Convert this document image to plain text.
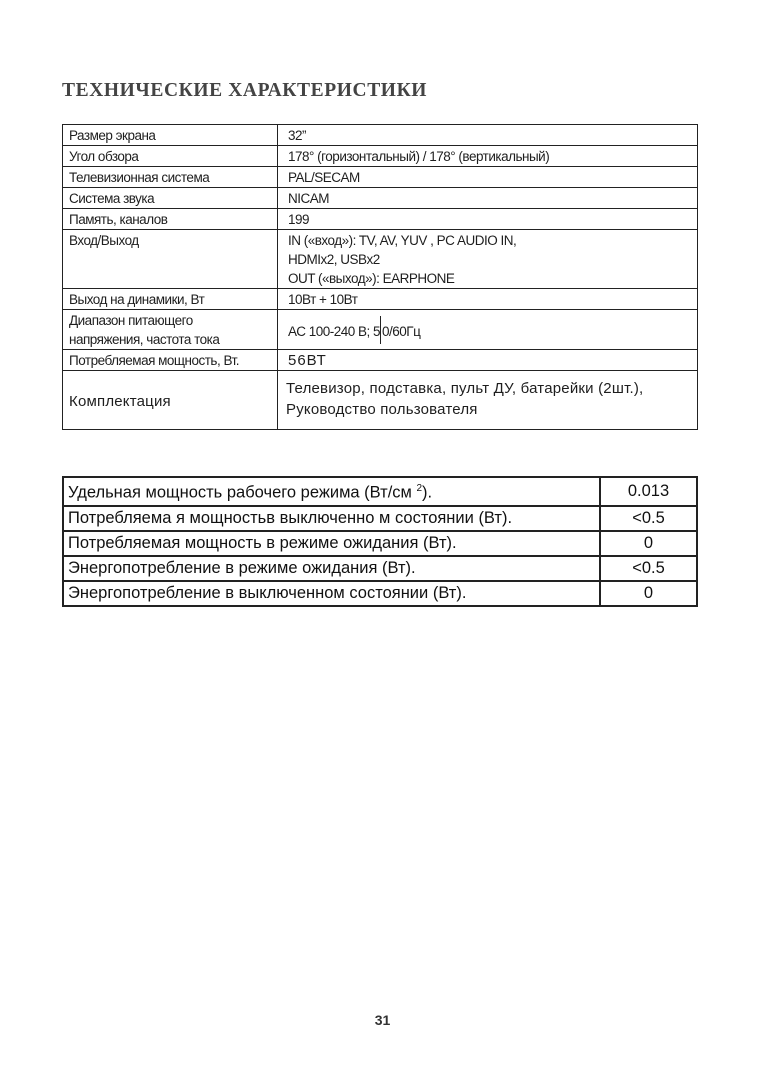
ТЕХНИЧЕСКИЕ ХАРАКТЕРИСТИКИ
Размер экрана	32”
Угол обзора	178° (горизонтальный) / 178° (вертикальный)
Телевизионная система	PAL/SECAM
Система звука	NICAM
Память, каналов	199
Вход/Выход	IN («вход»): TV, AV, YUV , PC AUDIO IN,
HDMIx2, USBx2
OUT («выход»): EARPHONE

Выход на динамики, Вт	10Вт + 10Вт

Диапазон питающего
напряжения, частота тока	АС 100-240 В; 5 0/60Гц
Потребляемая мощность, Вт.	56ВТ
Комплектация	Телевизор, подставка, пульт ДУ, батарейки (2шт.),
Руководство пользователя
Удельная мощность рабочего режима (Вт/см $^2$).	0.013
Потребляема я мощностьв выключенно м состоянии (Вт).	<0.5
Потребляемая мощность в режиме ожидания (Вт).	0
Энергопотребление в режиме ожидания (Вт).	<0.5
Энергопотребление в выключенном состоянии (Вт).	0
31
